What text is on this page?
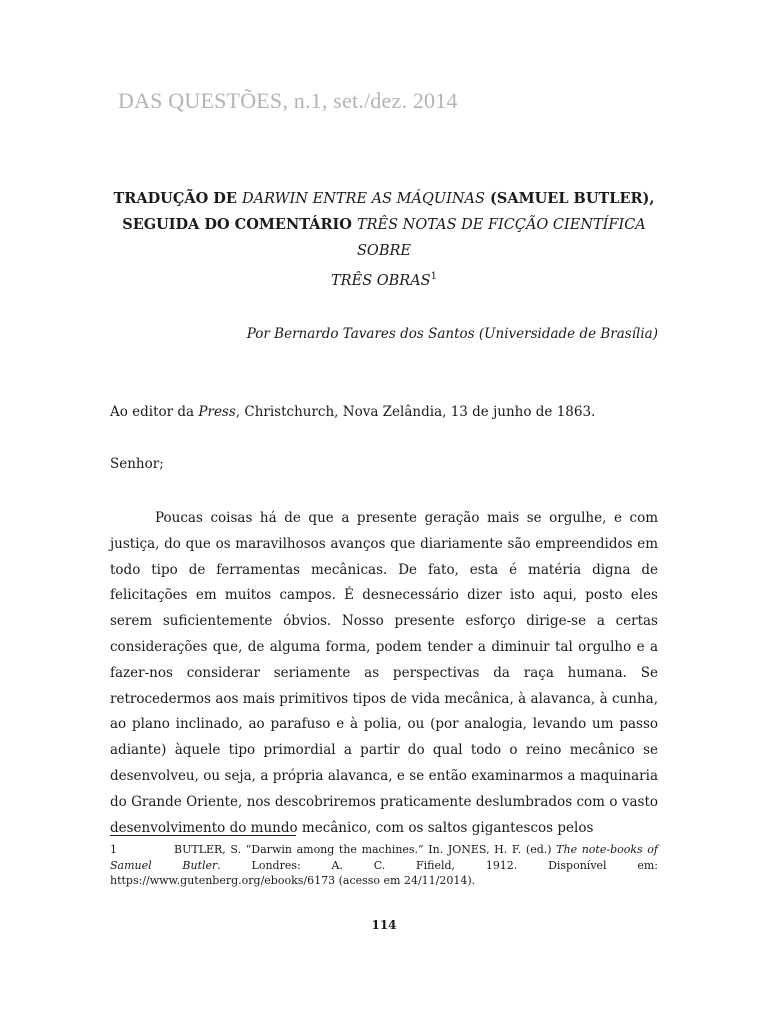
DAS QUESTÕES, n.1, set./dez. 2014
TRADUÇÃO DE DARWIN ENTRE AS MÁQUINAS (SAMUEL BUTLER),
SEGUIDA DO COMENTÁRIO TRÊS NOTAS DE FICÇÃO CIENTÍFICA SOBRE
TRÊS OBRAS$^1$
Por Bernardo Tavares dos Santos (Universidade de Brasília)
Ao editor da Press, Christchurch, Nova Zelândia, 13 de junho de 1863.
Senhor;

Poucas coisas há de que a presente geração mais se orgulhe, e com justiça, do que os maravilhosos avanços que diariamente são empreendidos em todo tipo de ferramentas mecânicas. De fato, esta é matéria digna de felicitações em muitos campos. É desnecessário dizer isto aqui, posto eles serem suficientemente óbvios. Nosso presente esforço dirige-se a certas considerações que, de alguma forma, podem tender a diminuir tal orgulho e a fazer-nos considerar seriamente as perspectivas da raça humana. Se retrocedermos aos mais primitivos tipos de vida mecânica, à alavanca, à cunha, ao plano inclinado, ao parafuso e à polia, ou (por analogia, levando um passo adiante) àquele tipo primordial a partir do qual todo o reino mecânico se desenvolveu, ou seja, a própria alavanca, e se então examinarmos a maquinaria do Grande Oriente, nos descobriremos praticamente deslumbrados com o vasto desenvolvimento do mundo mecânico, com os saltos gigantescos pelos

1	BUTLER, S. “Darwin among the machines.” In. JONES, H. F. (ed.) The note-books of Samuel Butler. Londres: A. C. Fifield, 1912. Disponível em: https://www.gutenberg.org/ebooks/6173 (acesso em 24/11/2014).

114
